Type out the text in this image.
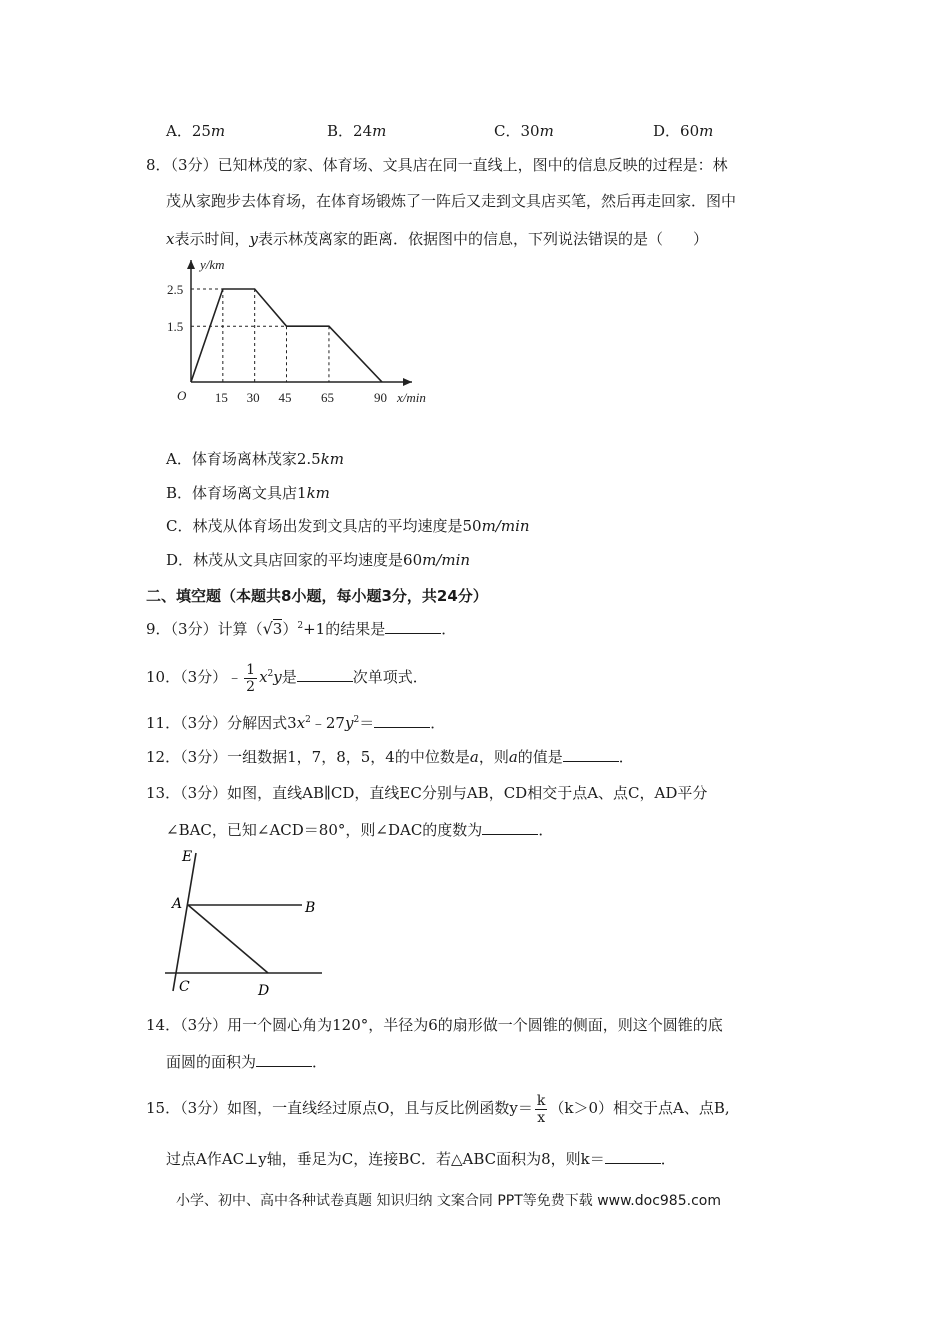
A．25m	B．24m	C．30m	D．60m
8．（3分）已知林茂的家、体育场、文具店在同一直线上，图中的信息反映的过程是：林
茂从家跑步去体育场，在体育场锻炼了一阵后又走到文具店买笔，然后再走回家．图中
x表示时间，y表示林茂离家的距离．依据图中的信息，下列说法错误的是（　　）
15 30 45 65	90
2.5
1.5
O	x/min
y/km
A．体育场离林茂家2.5km
B．体育场离文具店1km
C．林茂从体育场出发到文具店的平均速度是50m/min
D．林茂从文具店回家的平均速度是60m/min
二、填空题（本题共8小题，每小题3分，共24分）
9．（3分）计算$(√3)^2+1$的结果是	．
10．（3分）﹣ $\frac{1}{2} x^2y$是	次单项式．
11．（3分）分解因式$3x^2﹣27y^2=$	．
12．（3分）一组数据1，7，8，5，4的中位数是a，则a的值是	．
13．（3分）如图，直线AB∥CD，直线EC分别与AB，CD相交于点A、点C，AD平分
∠BAC，已知∠ACD＝80°，则∠DAC的度数为	．
E
A	B
C	D
14．（3分）用一个圆心角为120°，半径为6的扇形做一个圆锥的侧面，则这个圆锥的底
面圆的面积为	．
15．（3分）如图，一直线经过原点O，且与反比例函数$y= \frac{k}{x} (k>0)$相交于点A、点B,
过点A作AC⊥y轴，垂足为C，连接BC．若△ABC面积为8，则k＝	．
小学、初中、高中各种试卷真题 知识归纳 文案合同 PPT等免费下载 www.doc985.com
